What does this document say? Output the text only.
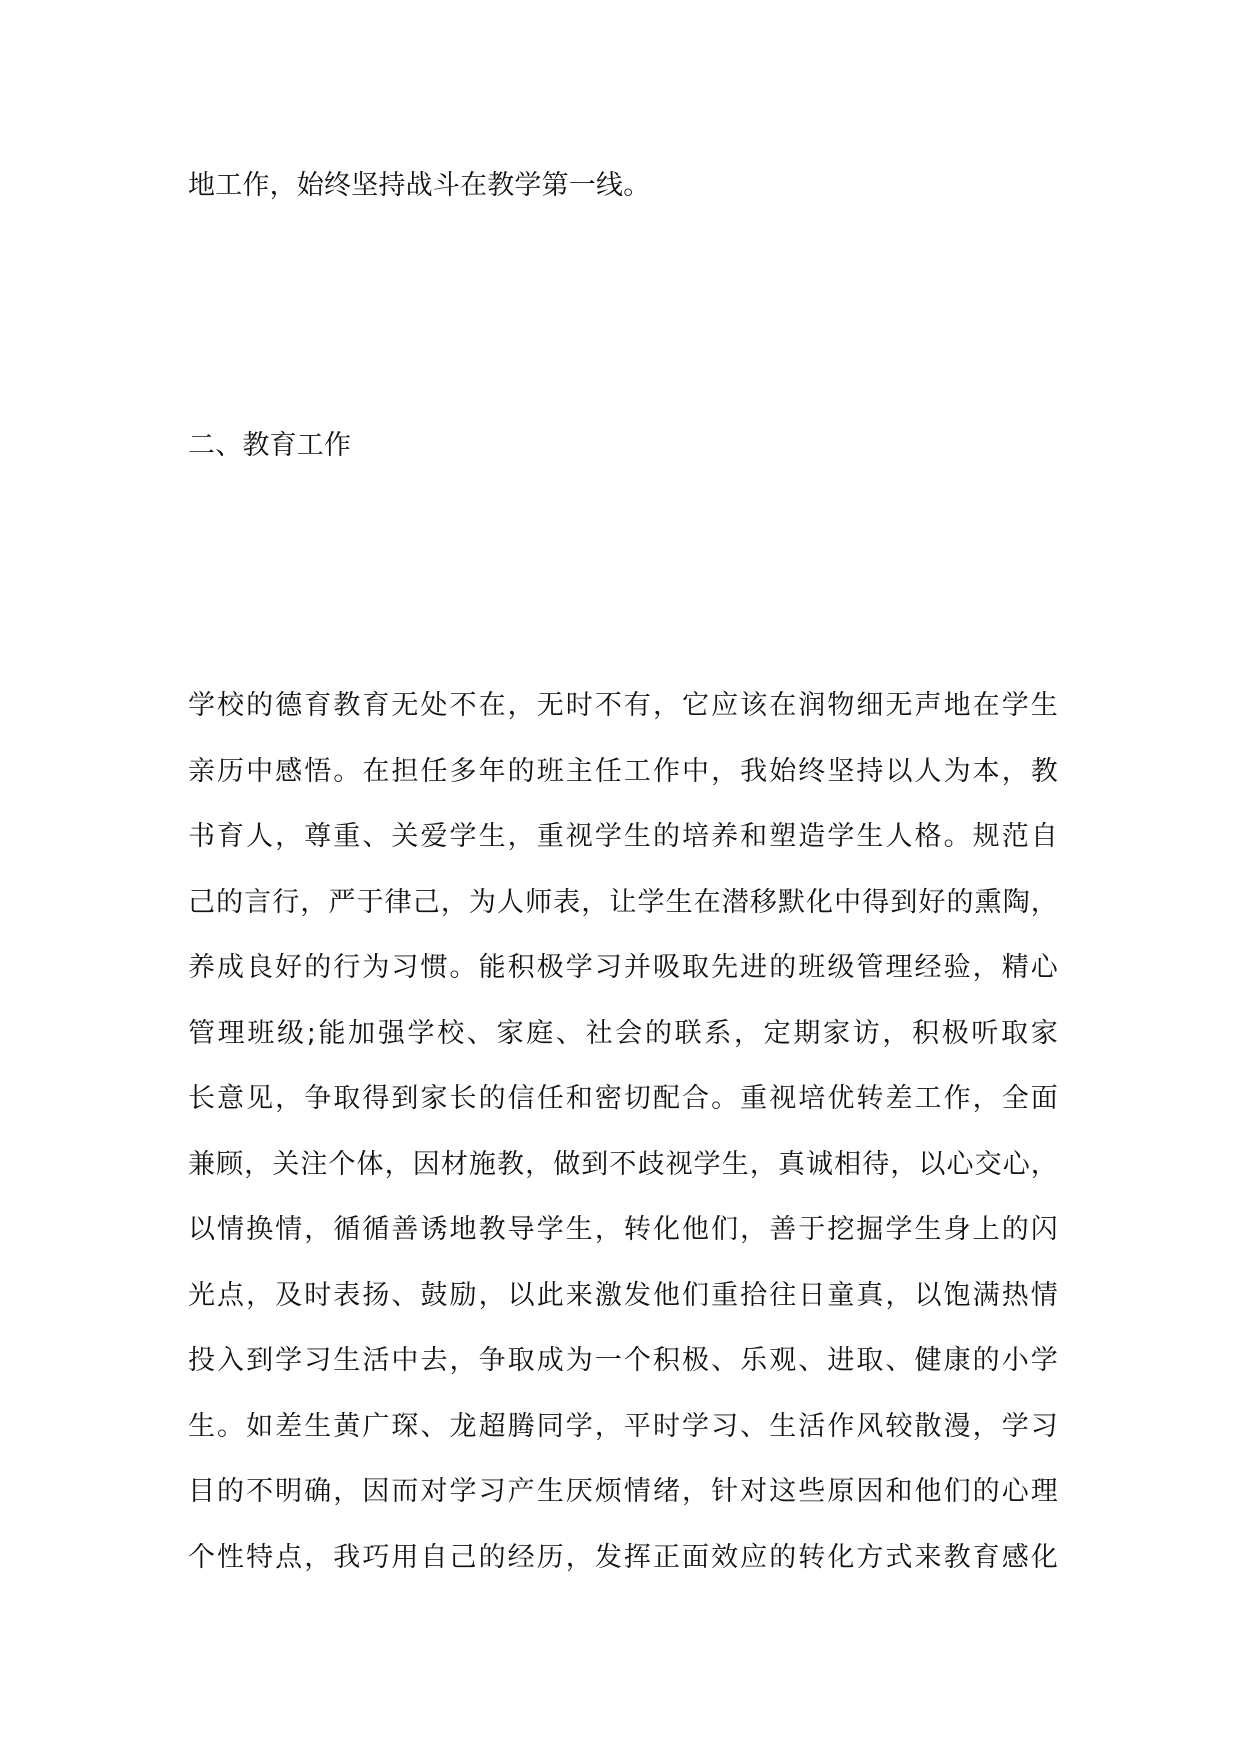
地工作，始终坚持战斗在教学第一线。
二、教育工作
学校的德育教育无处不在，无时不有，它应该在润物细无声地在学生
亲历中感悟。在担任多年的班主任工作中，我始终坚持以人为本，教
书育人，尊重、关爱学生，重视学生的培养和塑造学生人格。规范自
己的言行，严于律己，为人师表，让学生在潜移默化中得到好的熏陶，
养成良好的行为习惯。能积极学习并吸取先进的班级管理经验，精心
管理班级;能加强学校、家庭、社会的联系，定期家访，积极听取家
长意见，争取得到家长的信任和密切配合。重视培优转差工作，全面
兼顾，关注个体，因材施教，做到不歧视学生，真诚相待，以心交心，
以情换情，循循善诱地教导学生，转化他们，善于挖掘学生身上的闪
光点，及时表扬、鼓励，以此来激发他们重拾往日童真，以饱满热情
投入到学习生活中去，争取成为一个积极、乐观、进取、健康的小学
生。如差生黄广琛、龙超腾同学，平时学习、生活作风较散漫，学习
目的不明确，因而对学习产生厌烦情绪，针对这些原因和他们的心理
个性特点，我巧用自己的经历，发挥正面效应的转化方式来教育感化
